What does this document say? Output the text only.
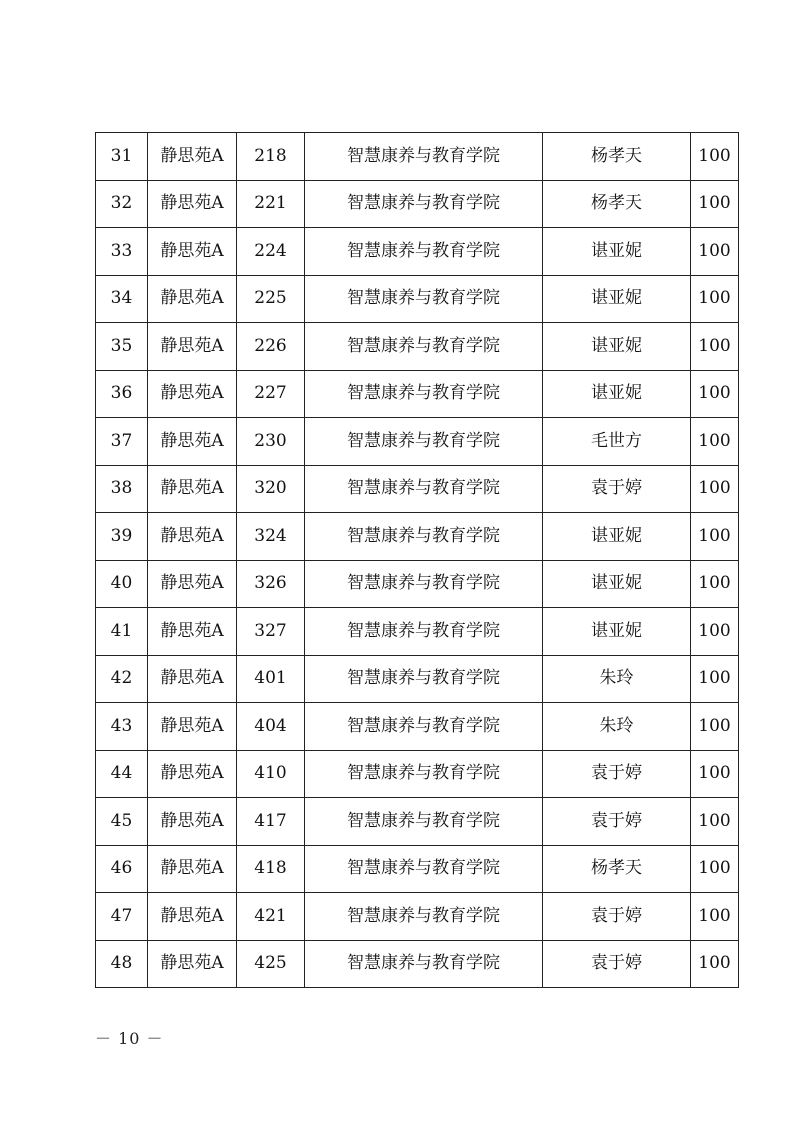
31	静思苑A	218	智慧康养与教育学院	杨孝天	100
32	静思苑A	221	智慧康养与教育学院	杨孝天	100
33	静思苑A	224	智慧康养与教育学院	谌亚妮	100
34	静思苑A	225	智慧康养与教育学院	谌亚妮	100
35	静思苑A	226	智慧康养与教育学院	谌亚妮	100
36	静思苑A	227	智慧康养与教育学院	谌亚妮	100
37	静思苑A	230	智慧康养与教育学院	毛世方	100
38	静思苑A	320	智慧康养与教育学院	袁于婷	100
39	静思苑A	324	智慧康养与教育学院	谌亚妮	100
40	静思苑A	326	智慧康养与教育学院	谌亚妮	100
41	静思苑A	327	智慧康养与教育学院	谌亚妮	100
42	静思苑A	401	智慧康养与教育学院	朱玲	100
43	静思苑A	404	智慧康养与教育学院	朱玲	100
44	静思苑A	410	智慧康养与教育学院	袁于婷	100
45	静思苑A	417	智慧康养与教育学院	袁于婷	100
46	静思苑A	418	智慧康养与教育学院	杨孝天	100
47	静思苑A	421	智慧康养与教育学院	袁于婷	100
48	静思苑A	425	智慧康养与教育学院	袁于婷	100
－ 10 －
